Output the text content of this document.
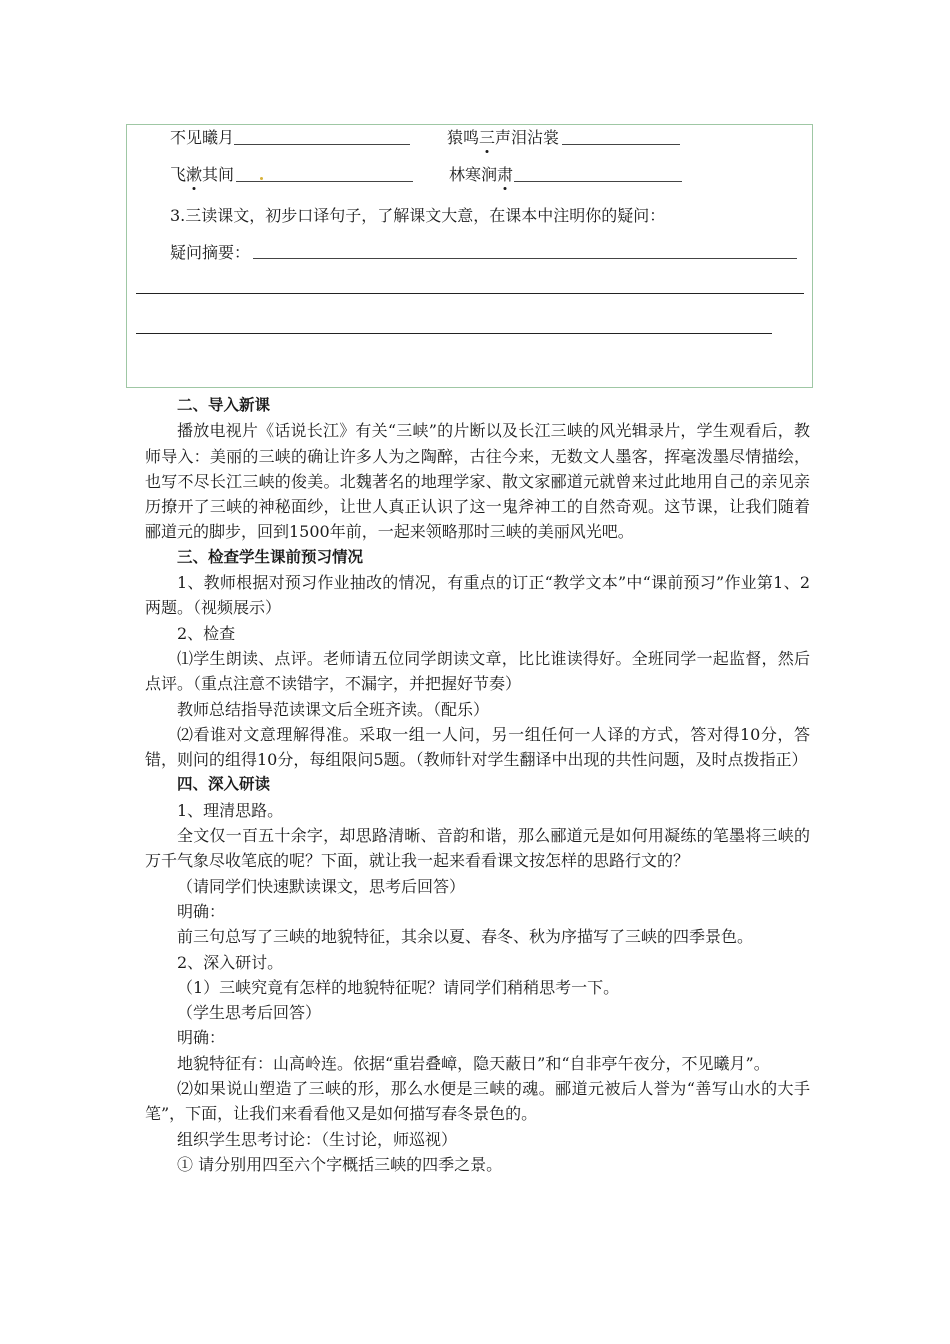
不见曦月	猿鸣三声泪沾裳
飞漱其间	林寒涧肃
3.三读课文，初步口译句子，了解课文大意，在课本中注明你的疑问：
疑问摘要：

二、导入新课

播放电视片《话说长江》有关“三峡”的片断以及长江三峡的风光辑录片，学生观看后，教师导入：美丽的三峡的确让许多人为之陶醉，古往今来，无数文人墨客，挥毫泼墨尽情描绘，也写不尽长江三峡的俊美。北魏著名的地理学家、散文家郦道元就曾来过此地用自己的亲见亲历撩开了三峡的神秘面纱，让世人真正认识了这一鬼斧神工的自然奇观。这节课，让我们随着郦道元的脚步，回到1500年前，一起来领略那时三峡的美丽风光吧。

三、检查学生课前预习情况

1、教师根据对预习作业抽改的情况，有重点的订正“教学文本”中“课前预习”作业第1、2两题。（视频展示）

2、检查

⑴学生朗读、点评。老师请五位同学朗读文章，比比谁读得好。全班同学一起监督，然后点评。（重点注意不读错字，不漏字，并把握好节奏）

教师总结指导范读课文后全班齐读。（配乐）

⑵看谁对文意理解得准。采取一组一人问，另一组任何一人译的方式，答对得10分，答错，则问的组得10分，每组限问5题。（教师针对学生翻译中出现的共性问题，及时点拨指正）

四、深入研读

1、理清思路。

全文仅一百五十余字，却思路清晰、音韵和谐，那么郦道元是如何用凝练的笔墨将三峡的万千气象尽收笔底的呢？下面，就让我一起来看看课文按怎样的思路行文的？

（请同学们快速默读课文，思考后回答）

明确：

前三句总写了三峡的地貌特征，其余以夏、春冬、秋为序描写了三峡的四季景色。

2、深入研讨。

（1）三峡究竟有怎样的地貌特征呢？请同学们稍稍思考一下。

（学生思考后回答）

明确：

地貌特征有：山高岭连。依据“重岩叠嶂，隐天蔽日”和“自非亭午夜分，不见曦月”。

⑵如果说山塑造了三峡的形，那么水便是三峡的魂。郦道元被后人誉为“善写山水的大手笔”，下面，让我们来看看他又是如何描写春冬景色的。

组织学生思考讨论：（生讨论，师巡视）

① 请分别用四至六个字概括三峡的四季之景。
